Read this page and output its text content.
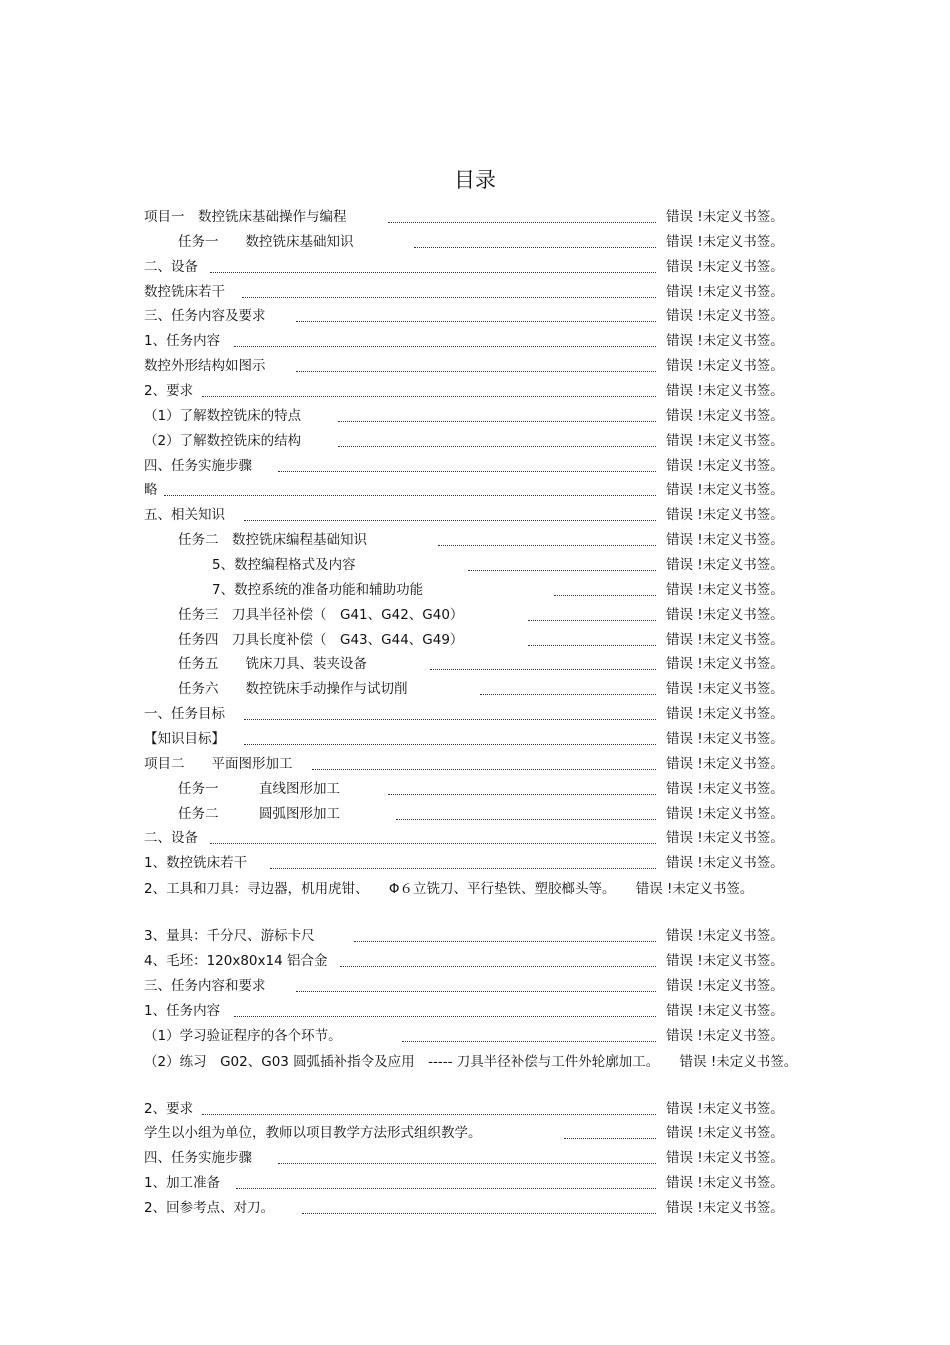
目录
项目一　数控铣床基础操作与编程	错误 !未定义书签。
任务一　　数控铣床基础知识	错误 !未定义书签。
二、设备	错误 !未定义书签。
数控铣床若干	错误 !未定义书签。
三、任务内容及要求	错误 !未定义书签。
1、任务内容	错误 !未定义书签。
数控外形结构如图示	错误 !未定义书签。
2、要求	错误 !未定义书签。
（1）了解数控铣床的特点	错误 !未定义书签。
（2）了解数控铣床的结构	错误 !未定义书签。
四、任务实施步骤	错误 !未定义书签。
略	错误 !未定义书签。
五、相关知识	错误 !未定义书签。
任务二　数控铣床编程基础知识	错误 !未定义书签。
5、数控编程格式及内容	错误 !未定义书签。
7、数控系统的准备功能和辅助功能	错误 !未定义书签。
任务三　刀具半径补偿（　G41、G42、G40）	错误 !未定义书签。
任务四　刀具长度补偿（　G43、G44、G49）	错误 !未定义书签。
任务五　　铣床刀具、装夹设备	错误 !未定义书签。
任务六　　数控铣床手动操作与试切削	错误 !未定义书签。
一、任务目标	错误 !未定义书签。
【知识目标】	错误 !未定义书签。
项目二　　平面图形加工	错误 !未定义书签。
任务一　　　直线图形加工	错误 !未定义书签。
任务二　　　圆弧图形加工	错误 !未定义书签。
二、设备	错误 !未定义书签。
1、数控铣床若干	错误 !未定义书签。
2、工具和刀具：寻边器，机用虎钳、　　Φ６立铣刀、平行垫铁、塑胶榔头等。　　错误 !未定义书签。
3、量具：千分尺、游标卡尺	错误 !未定义书签。
4、毛坯：120x80x14 铝合金	错误 !未定义书签。
三、任务内容和要求	错误 !未定义书签。
1、任务内容	错误 !未定义书签。
（1）学习验证程序的各个环节。	错误 !未定义书签。
（2）练习　G02、G03 圆弧插补指令及应用　----- 刀具半径补偿与工件外轮廓加工。　　错误 !未定义书签。
2、要求	错误 !未定义书签。
学生以小组为单位，教师以项目教学方法形式组织教学。	错误 !未定义书签。
四、任务实施步骤	错误 !未定义书签。
1、加工准备	错误 !未定义书签。
2、回参考点、对刀。	错误 !未定义书签。
